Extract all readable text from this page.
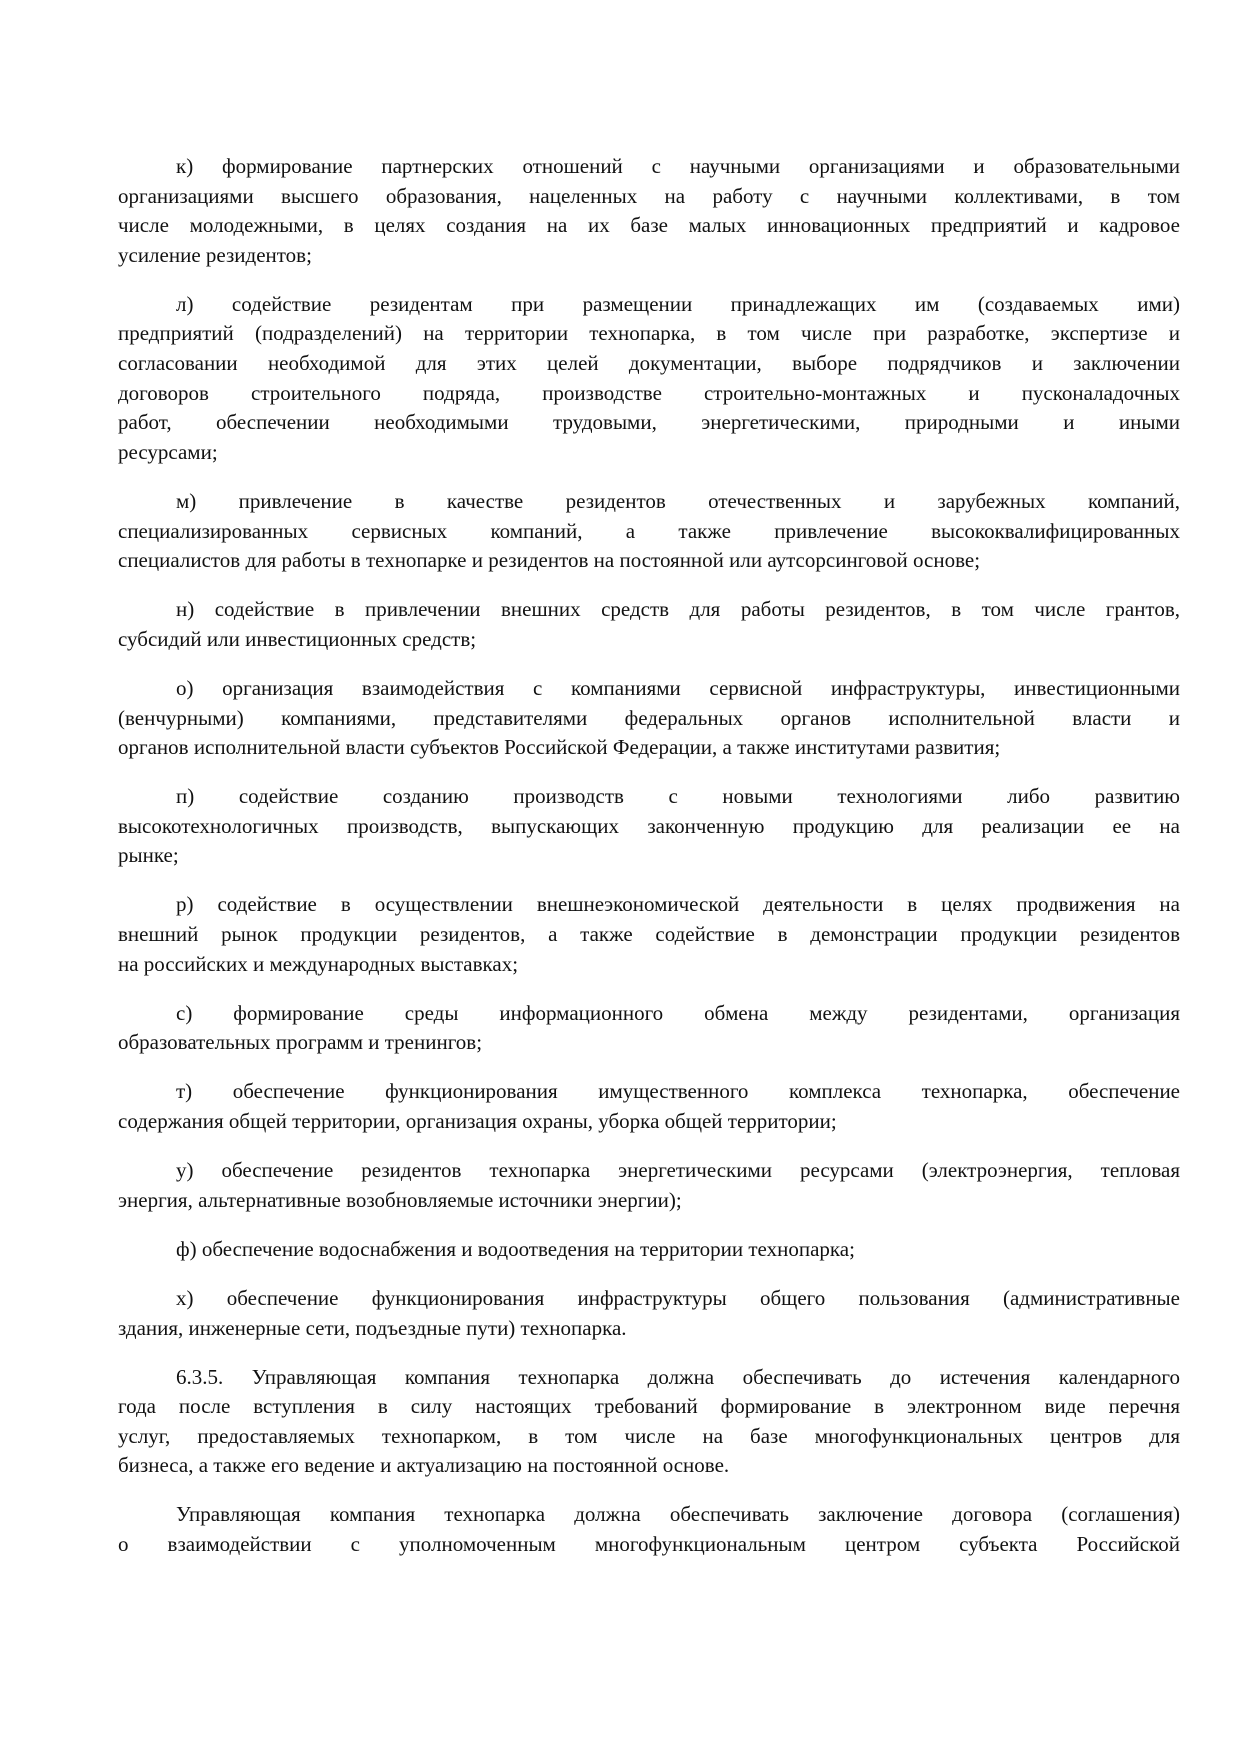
к) формирование партнерских отношений с научными организациями и образовательными
организациями высшего образования, нацеленных на работу с научными коллективами, в том
числе молодежными, в целях создания на их базе малых инновационных предприятий и кадровое
усиление резидентов;
л) содействие резидентам при размещении принадлежащих им (создаваемых ими)
предприятий (подразделений) на территории технопарка, в том числе при разработке, экспертизе и
согласовании необходимой для этих целей документации, выборе подрядчиков и заключении
договоров строительного подряда, производстве строительно-монтажных и пусконаладочных
работ, обеспечении необходимыми трудовыми, энергетическими, природными и иными
ресурсами;
м) привлечение в качестве резидентов отечественных и зарубежных компаний,
специализированных сервисных компаний, а также привлечение высококвалифицированных
специалистов для работы в технопарке и резидентов на постоянной или аутсорсинговой основе;
н) содействие в привлечении внешних средств для работы резидентов, в том числе грантов,
субсидий или инвестиционных средств;
о) организация взаимодействия с компаниями сервисной инфраструктуры, инвестиционными
(венчурными) компаниями, представителями федеральных органов исполнительной власти и
органов исполнительной власти субъектов Российской Федерации, а также институтами развития;
п) содействие созданию производств с новыми технологиями либо развитию
высокотехнологичных производств, выпускающих законченную продукцию для реализации ее на
рынке;
р) содействие в осуществлении внешнеэкономической деятельности в целях продвижения на
внешний рынок продукции резидентов, а также содействие в демонстрации продукции резидентов
на российских и международных выставках;
с) формирование среды информационного обмена между резидентами, организация
образовательных программ и тренингов;
т) обеспечение функционирования имущественного комплекса технопарка, обеспечение
содержания общей территории, организация охраны, уборка общей территории;
у) обеспечение резидентов технопарка энергетическими ресурсами (электроэнергия, тепловая
энергия, альтернативные возобновляемые источники энергии);
ф) обеспечение водоснабжения и водоотведения на территории технопарка;
х) обеспечение функционирования инфраструктуры общего пользования (административные
здания, инженерные сети, подъездные пути) технопарка.
6.3.5. Управляющая компания технопарка должна обеспечивать до истечения календарного
года после вступления в силу настоящих требований формирование в электронном виде перечня
услуг, предоставляемых технопарком, в том числе на базе многофункциональных центров для
бизнеса, а также его ведение и актуализацию на постоянной основе.
Управляющая компания технопарка должна обеспечивать заключение договора (соглашения)
о взаимодействии с уполномоченным многофункциональным центром субъекта Российской
